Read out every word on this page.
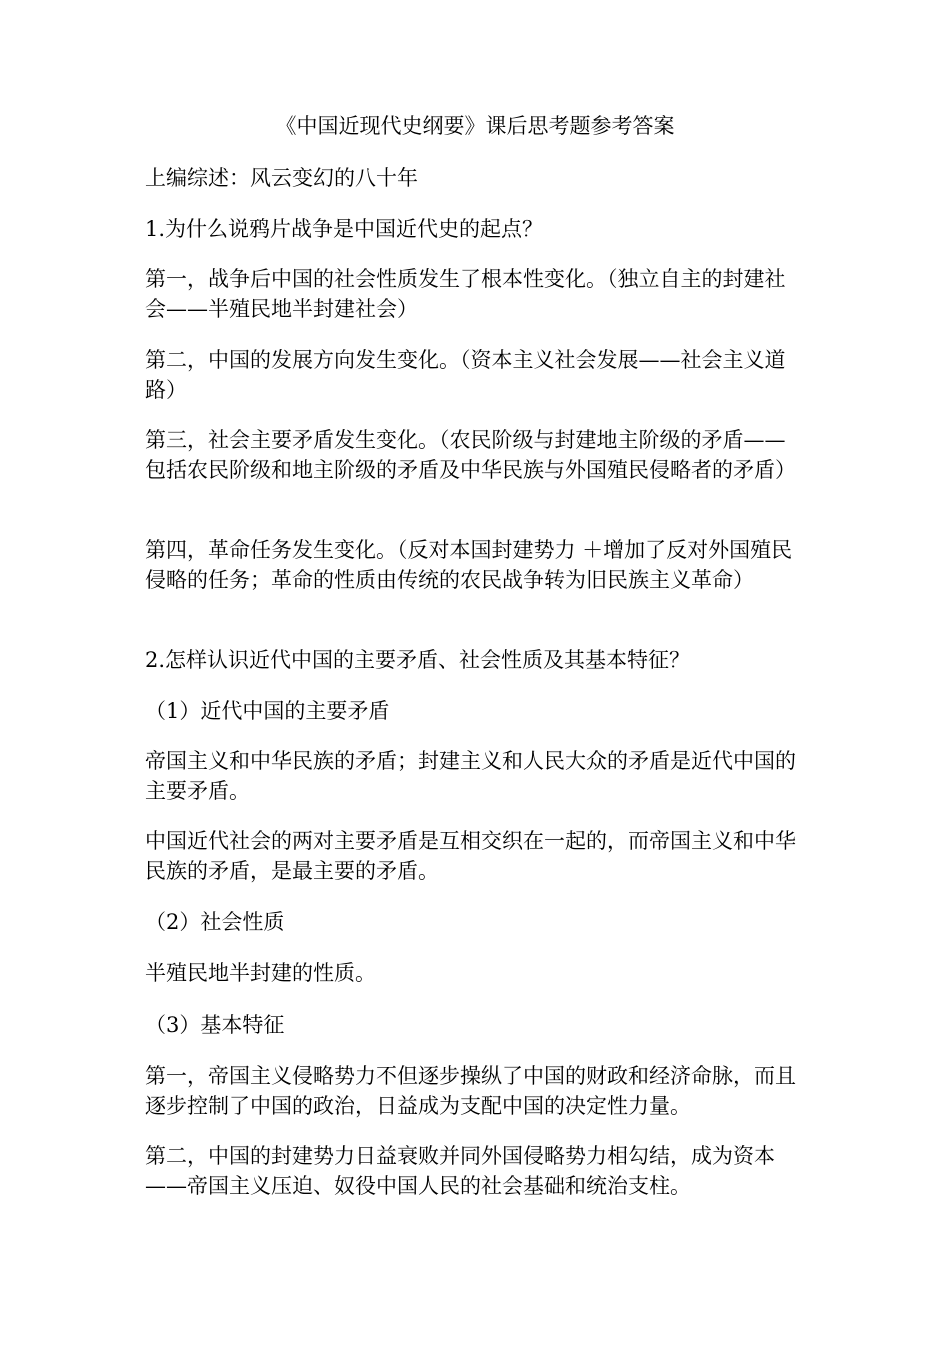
《中国近现代史纲要》课后思考题参考答案

上编综述：风云变幻的八十年

1.为什么说鸦片战争是中国近代史的起点？

第一，战争后中国的社会性质发生了根本性变化。（独立自主的封建社会——半殖民地半封建社会）

第二，中国的发展方向发生变化。（资本主义社会发展——社会主义道路）

第三，社会主要矛盾发生变化。（农民阶级与封建地主阶级的矛盾——包括农民阶级和地主阶级的矛盾及中华民族与外国殖民侵略者的矛盾）

第四，革命任务发生变化。（反对本国封建势力 ＋增加了反对外国殖民侵略的任务；革命的性质由传统的农民战争转为旧民族主义革命）

2.怎样认识近代中国的主要矛盾、社会性质及其基本特征？

（1）近代中国的主要矛盾

帝国主义和中华民族的矛盾；封建主义和人民大众的矛盾是近代中国的主要矛盾。

中国近代社会的两对主要矛盾是互相交织在一起的，而帝国主义和中华民族的矛盾，是最主要的矛盾。

（2）社会性质

半殖民地半封建的性质。

（3）基本特征

第一，帝国主义侵略势力不但逐步操纵了中国的财政和经济命脉，而且逐步控制了中国的政治，日益成为支配中国的决定性力量。

第二，中国的封建势力日益衰败并同外国侵略势力相勾结，成为资本——帝国主义压迫、奴役中国人民的社会基础和统治支柱。
